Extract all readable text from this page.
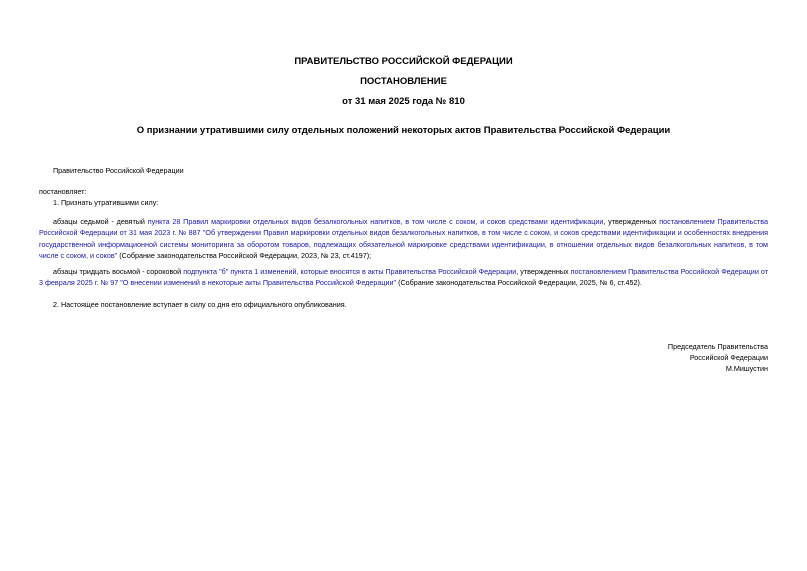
ПРАВИТЕЛЬСТВО РОССИЙСКОЙ ФЕДЕРАЦИИ
ПОСТАНОВЛЕНИЕ
от 31 мая 2025 года № 810
О признании утратившими силу отдельных положений некоторых актов Правительства Российской Федерации
Правительство Российской Федерации
постановляет:
1. Признать утратившими силу:
абзацы седьмой - девятый пункта 28 Правил маркировки отдельных видов безалкогольных напитков, в том числе с соком, и соков средствами идентификации, утвержденных постановлением Правительства Российской Федерации от 31 мая 2023 г. № 887 "Об утверждении Правил маркировки отдельных видов безалкогольных напитков, в том числе с соком, и соков средствами идентификации и особенностях внедрения государственной информационной системы мониторинга за оборотом товаров, подлежащих обязательной маркировке средствами идентификации, в отношении отдельных видов безалкогольных напитков, в том числе с соком, и соков" (Собрание законодательства Российской Федерации, 2023, № 23, ст.4197);
абзацы тридцать восьмой - сороковой подпункта "б" пункта 1 изменений, которые вносятся в акты Правительства Российской Федерации, утвержденных постановлением Правительства Российской Федерации от 3 февраля 2025 г. № 97 "О внесении изменений в некоторые акты Правительства Российской Федерации" (Собрание законодательства Российской Федерации, 2025, № 6, ст.452).
2. Настоящее постановление вступает в силу со дня его официального опубликования.
Председатель Правительства
Российской Федерации
М.Мишустин
